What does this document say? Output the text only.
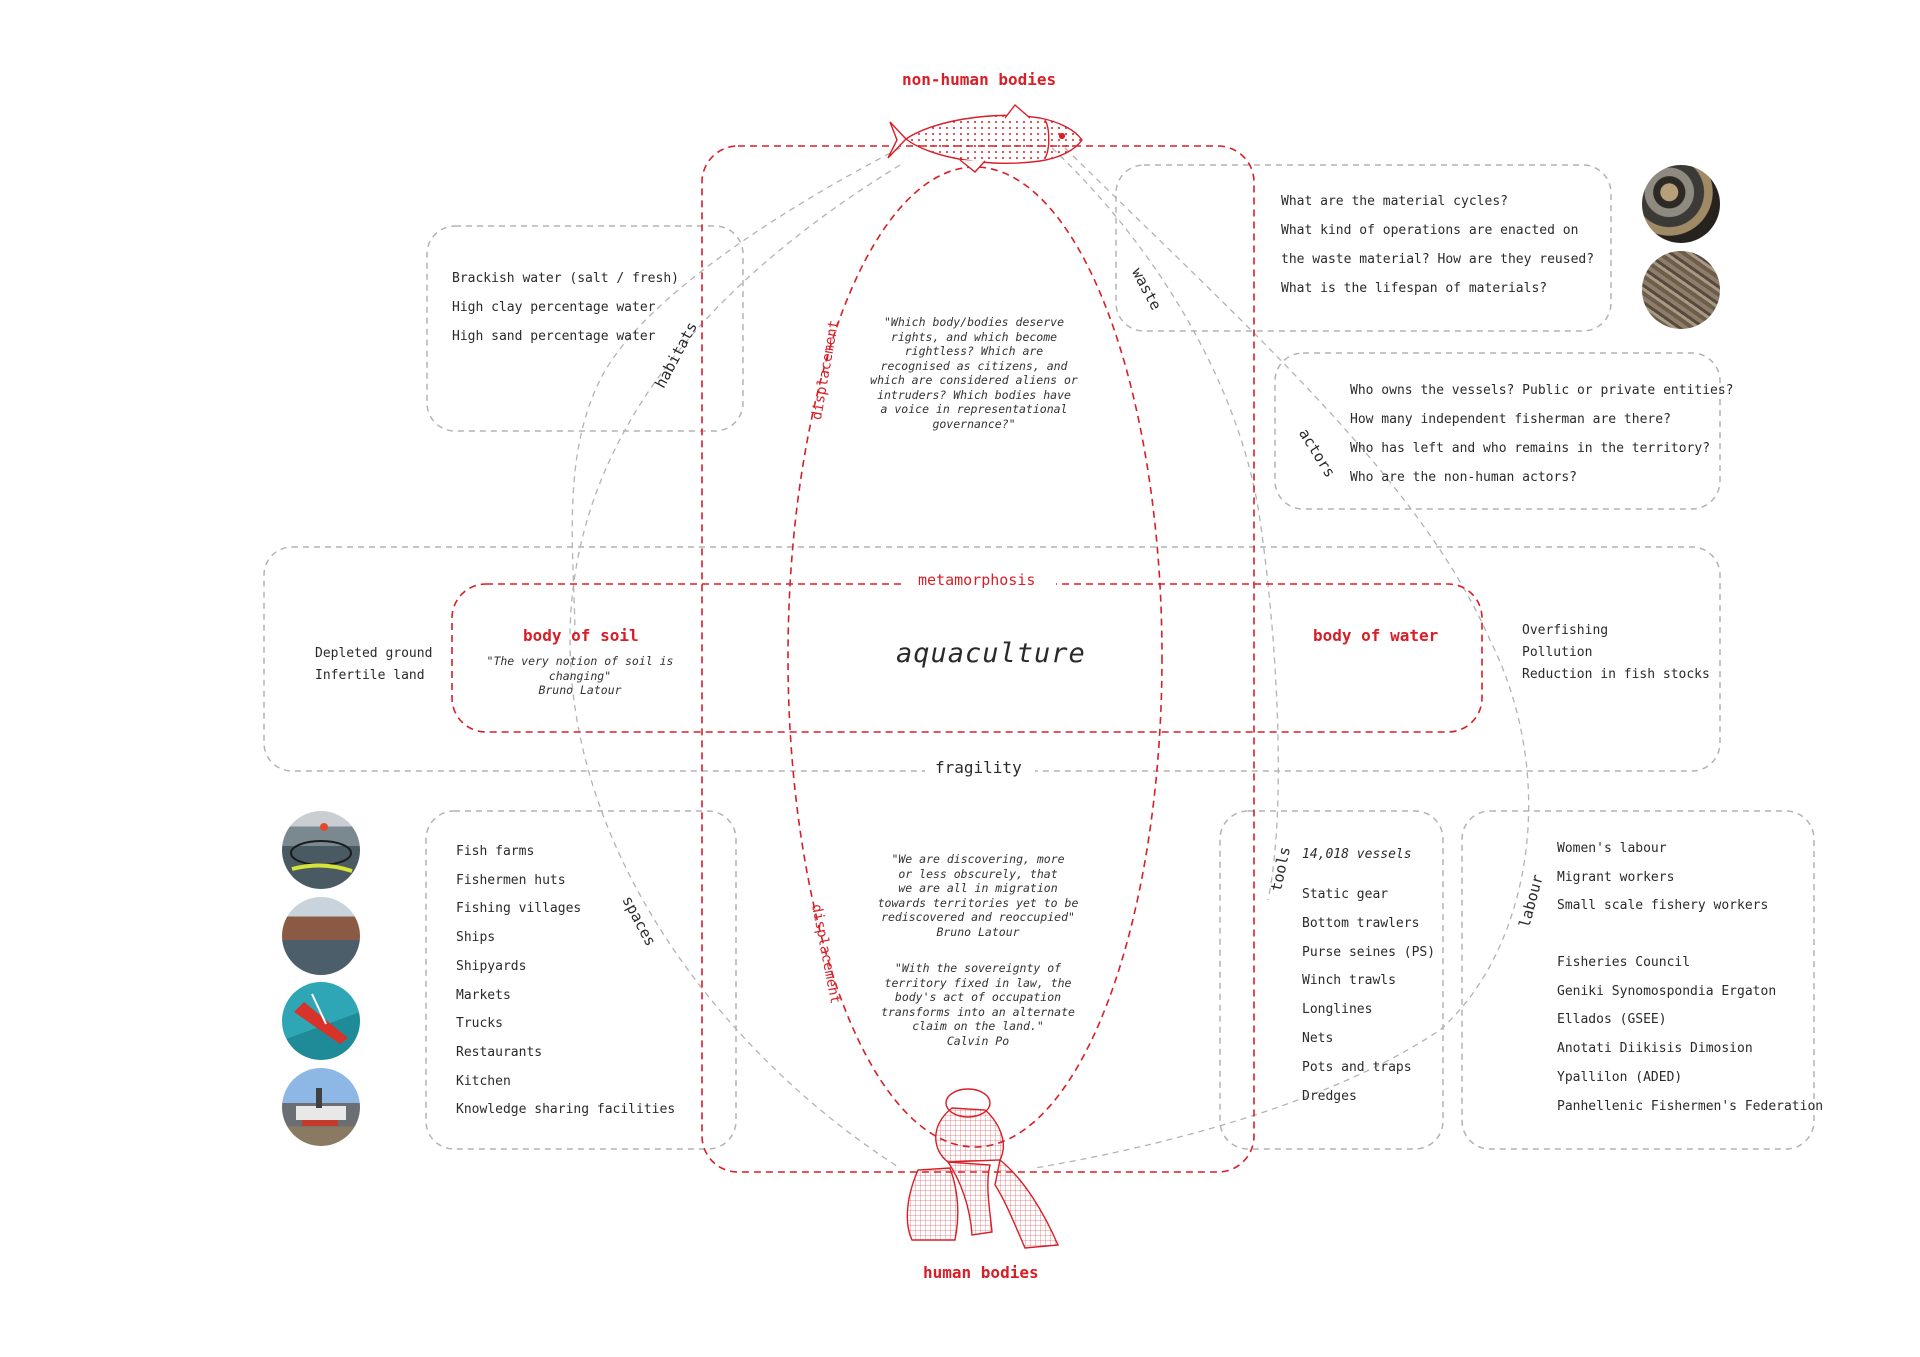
non-human bodies
human bodies
metamorphosis
aquaculture
fragility
body of soil
"The very notion of soil is changing"
Bruno Latour
body of water
Depleted ground
Infertile land
Overfishing
Pollution
Reduction in fish stocks
Brackish water (salt / fresh)
High clay percentage water
High sand percentage water
habitats
What are the material cycles?
What kind of operations are enacted on
the waste material? How are they reused?
What is the lifespan of materials?
waste
Who owns the vessels? Public or private entities?
How many independent fisherman are there?
Who has left and who remains in the territory?
Who are the non-human actors?
actors
Fish farms
Fishermen huts
Fishing villages
Ships
Shipyards
Markets
Trucks
Restaurants
Kitchen
Knowledge sharing facilities
spaces
14,018 vessels
Static gear
Bottom trawlers
Purse seines (PS)
Winch trawls
Longlines
Nets
Pots and traps
Dredges
tools	Women's labour
Migrant workers
Small scale fishery workers
Fisheries Council
Geniki Synomospondia Ergaton
Ellados (GSEE)
Anotati Diikisis Dimosion
Ypallilon (ADED)
Panhellenic Fishermen's Federation
labour
displacement
displacement
"Which body/bodies deserve
rights, and which become
rightless? Which are
recognised as citizens, and
which are considered aliens or
intruders? Which bodies have
a voice in representational
governance?"
"We are discovering, more
or less obscurely, that
we are all in migration
towards territories yet to be
rediscovered and reoccupied"
Bruno Latour
"With the sovereignty of
territory fixed in law, the
body's act of occupation
transforms into an alternate
claim on the land."
Calvin Po
